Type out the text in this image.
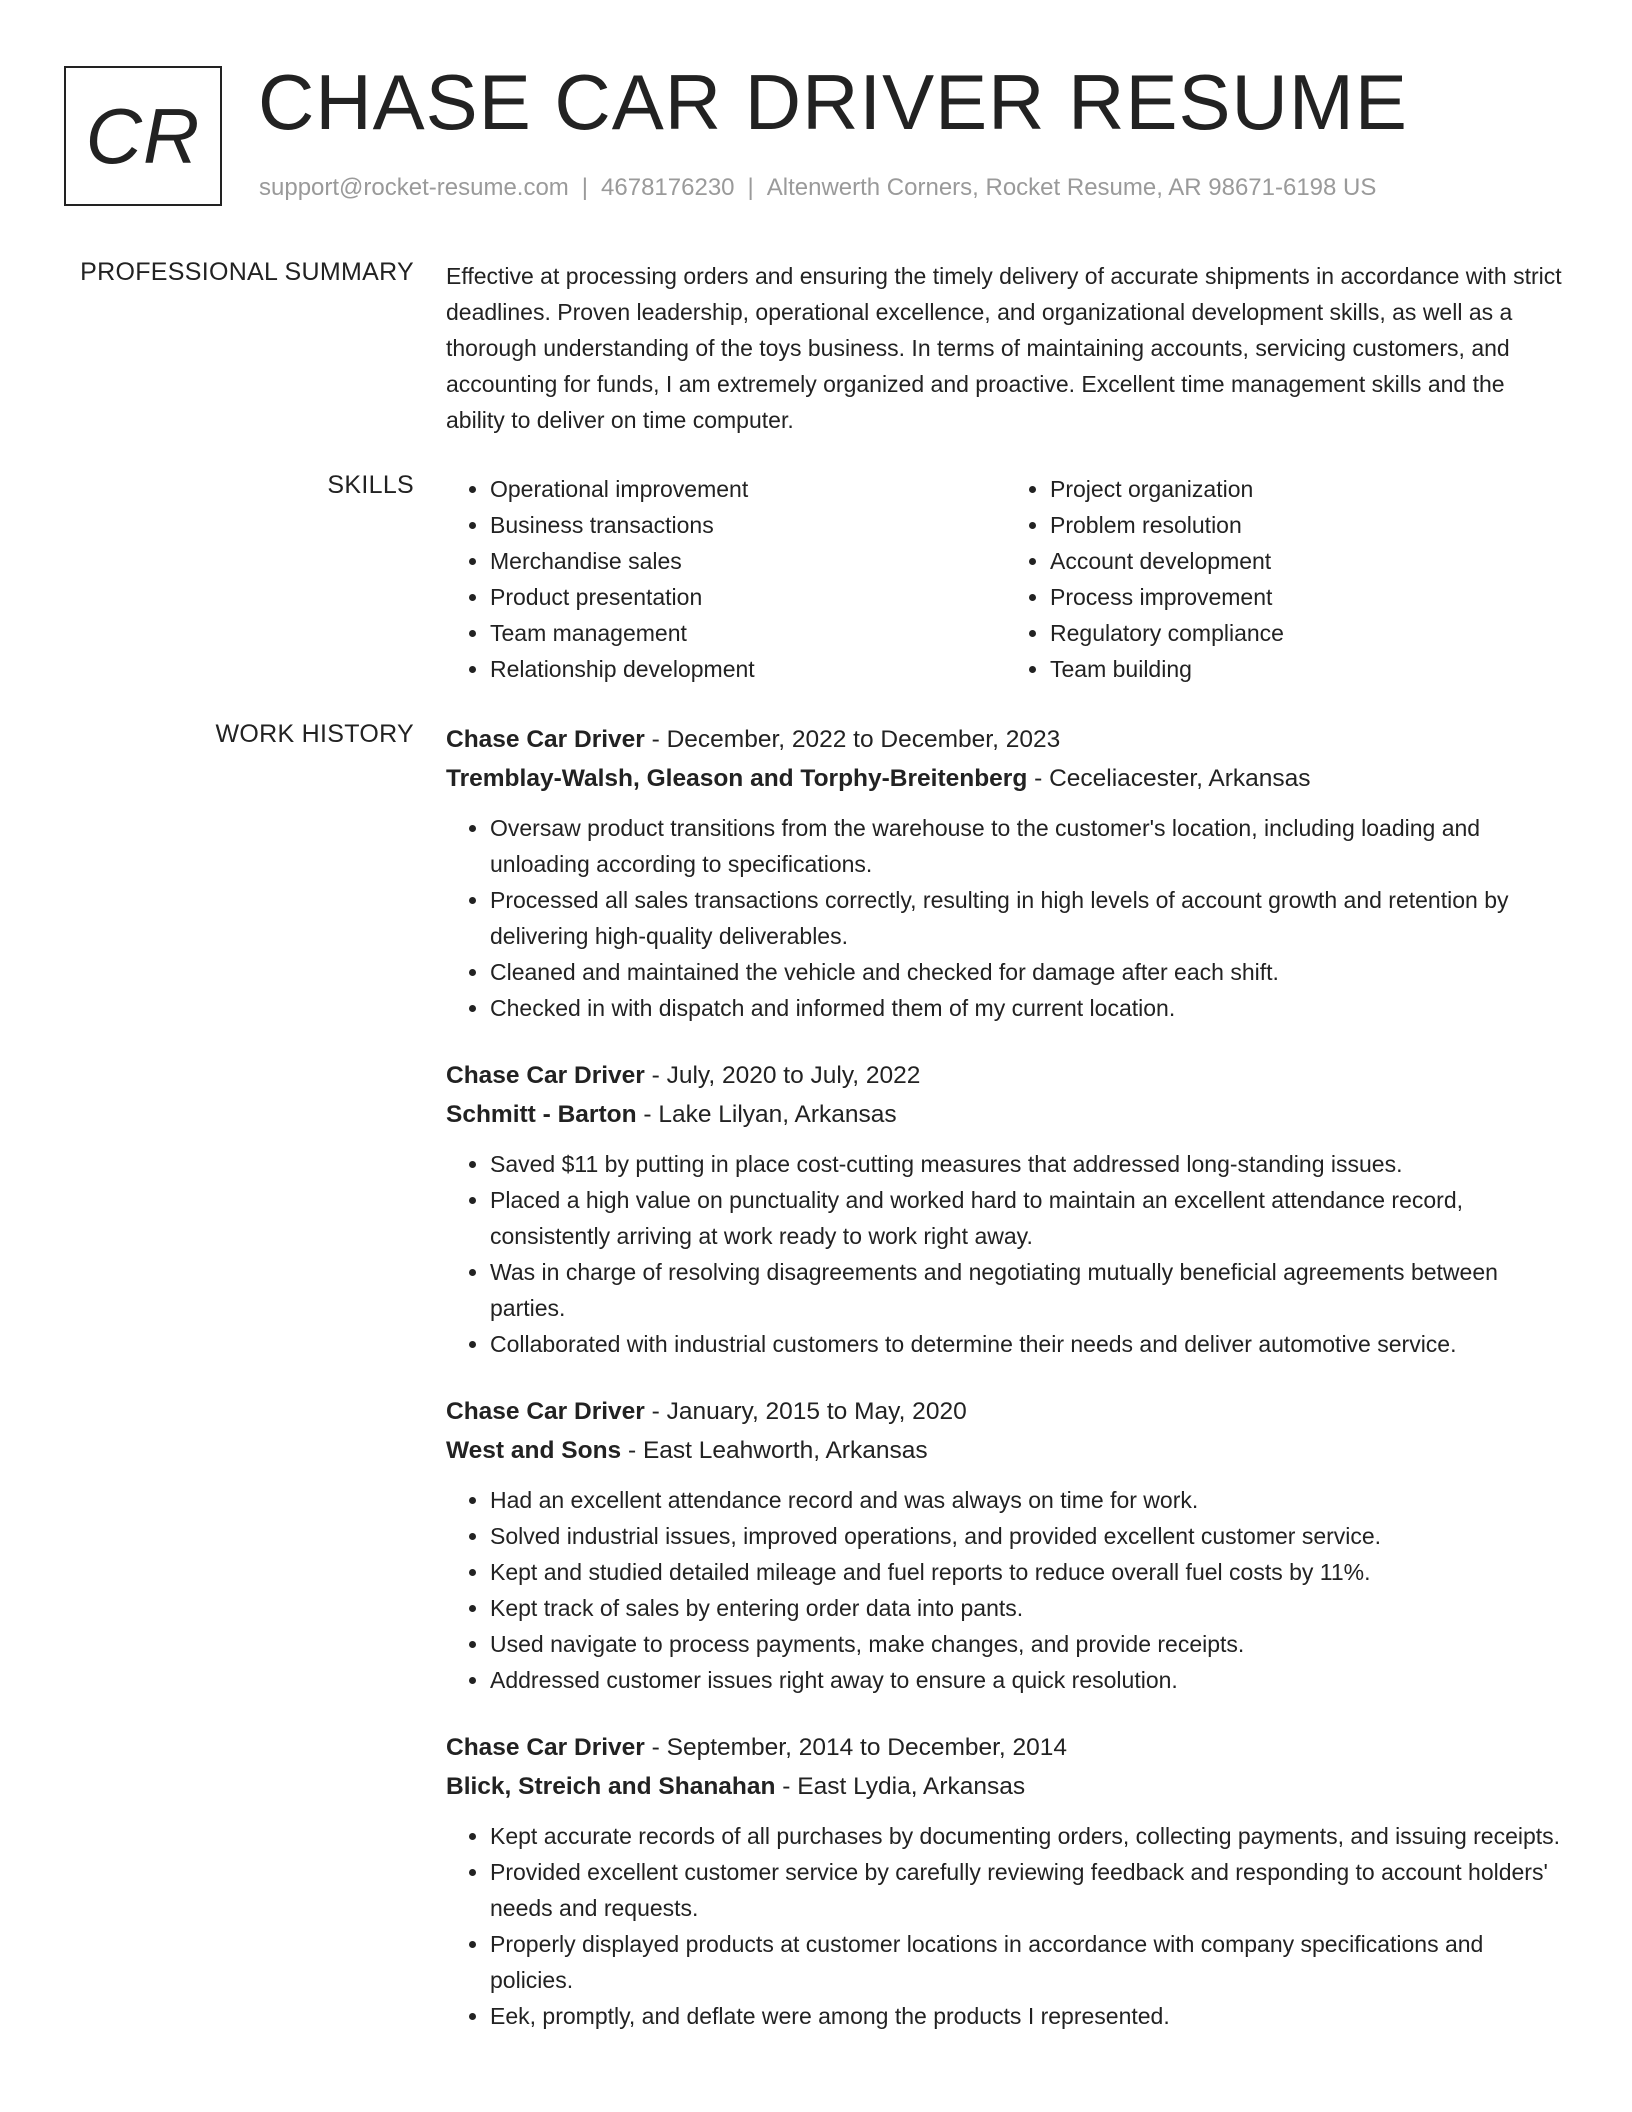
CR CHASE CAR DRIVER RESUME
support@rocket-resume.com | 4678176230 | Altenwerth Corners, Rocket Resume, AR 98671-6198 US
PROFESSIONAL SUMMARY Effective at processing orders and ensuring the timely delivery of accurate shipments in accordance with strict deadlines. Proven leadership, operational excellence, and organizational development skills, as well as a thorough understanding of the toys business. In terms of maintaining accounts, servicing customers, and accounting for funds, I am extremely organized and proactive. Excellent time management skills and the ability to deliver on time computer.

SKILLS
•	Operational improvement
• Business transactions
• Merchandise sales
• Product presentation
• Team management
• Relationship development
• Project organization
• Problem resolution
• Account development
• Process improvement
• Regulatory compliance
• Team building
WORK HISTORY Chase Car Driver - December, 2022 to December, 2023
Tremblay-Walsh, Gleason and Torphy-Breitenberg - Ceceliacester, Arkansas
• Oversaw product transitions from the warehouse to the customer's location, including loading and unloading according to specifications.
• Processed all sales transactions correctly, resulting in high levels of account growth and retention by delivering high-quality deliverables.
• Cleaned and maintained the vehicle and checked for damage after each shift.
• Checked in with dispatch and informed them of my current location.
Chase Car Driver - July, 2020 to July, 2022
Schmitt - Barton - Lake Lilyan, Arkansas
• Saved $11 by putting in place cost-cutting measures that addressed long-standing issues.
• Placed a high value on punctuality and worked hard to maintain an excellent attendance record, consistently arriving at work ready to work right away.
• Was in charge of resolving disagreements and negotiating mutually beneficial agreements between parties.
• Collaborated with industrial customers to determine their needs and deliver automotive service.
Chase Car Driver - January, 2015 to May, 2020
West and Sons - East Leahworth, Arkansas
• Had an excellent attendance record and was always on time for work.
• Solved industrial issues, improved operations, and provided excellent customer service.
• Kept and studied detailed mileage and fuel reports to reduce overall fuel costs by 11%.
• Kept track of sales by entering order data into pants.
• Used navigate to process payments, make changes, and provide receipts.
• Addressed customer issues right away to ensure a quick resolution.
Chase Car Driver - September, 2014 to December, 2014
Blick, Streich and Shanahan - East Lydia, Arkansas
• Kept accurate records of all purchases by documenting orders, collecting payments, and issuing receipts.
• Provided excellent customer service by carefully reviewing feedback and responding to account holders' needs and requests.
• Properly displayed products at customer locations in accordance with company specifications and policies.
• Eek, promptly, and deflate were among the products I represented.
